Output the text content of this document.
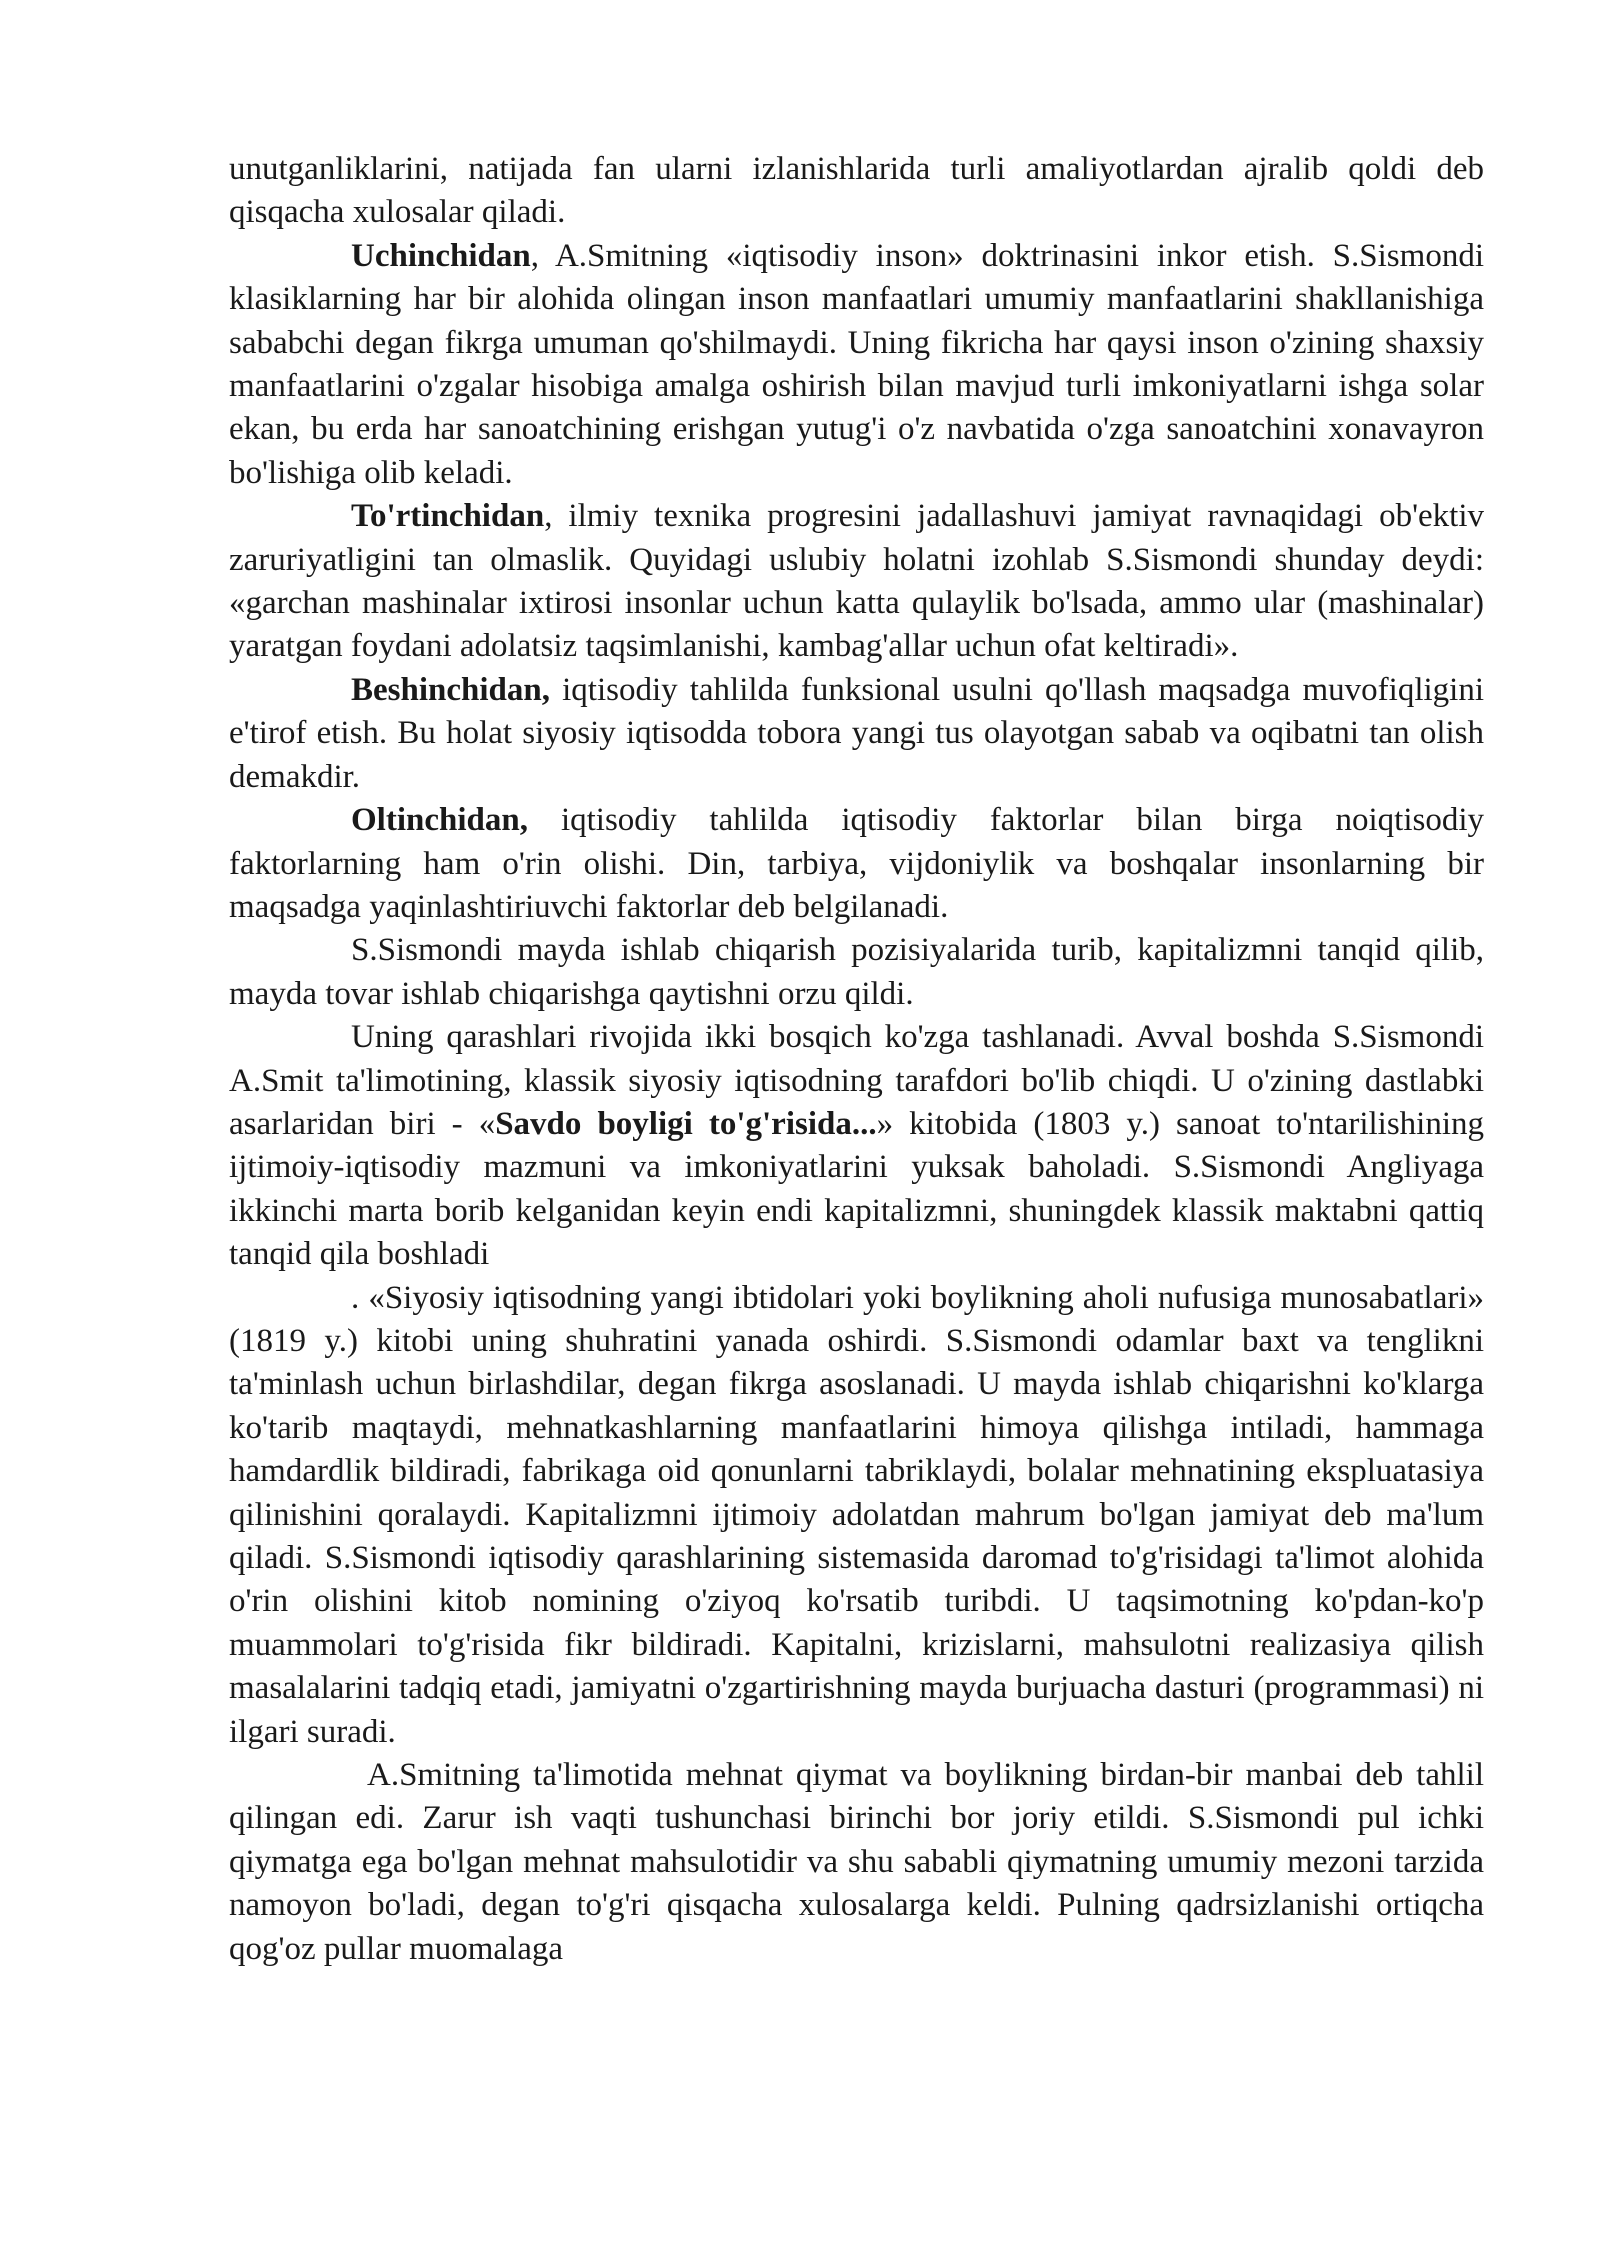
unutganliklarini, natijada fan ularni izlanishlarida turli amaliyotlardan ajralib qoldi deb qisqacha xulosalar qiladi.

Uchinchidan, A.Smitning «iqtisodiy inson» doktrinasini inkor etish. S.Sismondi klasiklarning har bir alohida olingan inson manfaatlari umumiy manfaatlarini shakllanishiga sababchi degan fikrga umuman qo'shilmaydi. Uning fikricha har qaysi inson o'zining shaxsiy manfaatlarini o'zgalar hisobiga amalga oshirish bilan mavjud turli imkoniyatlarni ishga solar ekan, bu erda har sanoatchining erishgan yutug'i o'z navbatida o'zga sanoatchini xonavayron bo'lishiga olib keladi.

To'rtinchidan, ilmiy texnika progresini jadallashuvi jamiyat ravnaqidagi ob'ektiv zaruriyatligini tan olmaslik. Quyidagi uslubiy holatni izohlab S.Sismondi shunday deydi: «garchan mashinalar ixtirosi insonlar uchun katta qulaylik bo'lsada, ammo ular (mashinalar) yaratgan foydani adolatsiz taqsimlanishi, kambag'allar uchun ofat keltiradi».

Beshinchidan, iqtisodiy tahlilda funksional usulni qo'llash maqsadga muvofiqligini e'tirof etish. Bu holat siyosiy iqtisodda tobora yangi tus olayotgan sabab va oqibatni tan olish demakdir.

Oltinchidan, iqtisodiy tahlilda iqtisodiy faktorlar bilan birga noiqtisodiy faktorlarning ham o'rin olishi. Din, tarbiya, vijdoniylik va boshqalar insonlarning bir maqsadga yaqinlashtiriuvchi faktorlar deb belgilanadi.

S.Sismondi mayda ishlab chiqarish pozisiyalarida turib, kapitalizmni tanqid qilib, mayda tovar ishlab chiqarishga qaytishni orzu qildi.

Uning qarashlari rivojida ikki bosqich ko'zga tashlanadi. Avval boshda S.Sismondi A.Smit ta'limotining, klassik siyosiy iqtisodning tarafdori bo'lib chiqdi. U o'zining dastlabki asarlaridan biri - «Savdo boyligi to'g'risida...» kitobida (1803 y.) sanoat to'ntarilishining ijtimoiy-iqtisodiy mazmuni va imkoniyatlarini yuksak baholadi. S.Sismondi Angliyaga ikkinchi marta borib kelganidan keyin endi kapitalizmni, shuningdek klassik maktabni qattiq tanqid qila boshladi

. «Siyosiy iqtisodning yangi ibtidolari yoki boylikning aholi nufusiga munosabatlari» (1819 y.) kitobi uning shuhratini yanada oshirdi. S.Sismondi odamlar baxt va tenglikni ta'minlash uchun birlashdilar, degan fikrga asoslanadi. U mayda ishlab chiqarishni ko'klarga ko'tarib maqtaydi, mehnatkashlarning manfaatlarini himoya qilishga intiladi, hammaga hamdardlik bildiradi, fabrikaga oid qonunlarni tabriklaydi, bolalar mehnatining ekspluatasiya qilinishini qoralaydi. Kapitalizmni ijtimoiy adolatdan mahrum bo'lgan jamiyat deb ma'lum qiladi. S.Sismondi iqtisodiy qarashlarining sistemasida daromad to'g'risidagi ta'limot alohida o'rin olishini kitob nomining o'ziyoq ko'rsatib turibdi. U taqsimotning ko'pdan-ko'p muammolari to'g'risida fikr bildiradi. Kapitalni, krizislarni, mahsulotni realizasiya qilish masalalarini tadqiq etadi, jamiyatni o'zgartirishning mayda burjuacha dasturi (programmasi) ni ilgari suradi.

A.Smitning ta'limotida mehnat qiymat va boylikning birdan-bir manbai deb tahlil qilingan edi. Zarur ish vaqti tushunchasi birinchi bor joriy etildi. S.Sismondi pul ichki qiymatga ega bo'lgan mehnat mahsulotidir va shu sababli qiymatning umumiy mezoni tarzida namoyon bo'ladi, degan to'g'ri qisqacha xulosalarga keldi. Pulning qadrsizlanishi ortiqcha qog'oz pullar muomalaga
